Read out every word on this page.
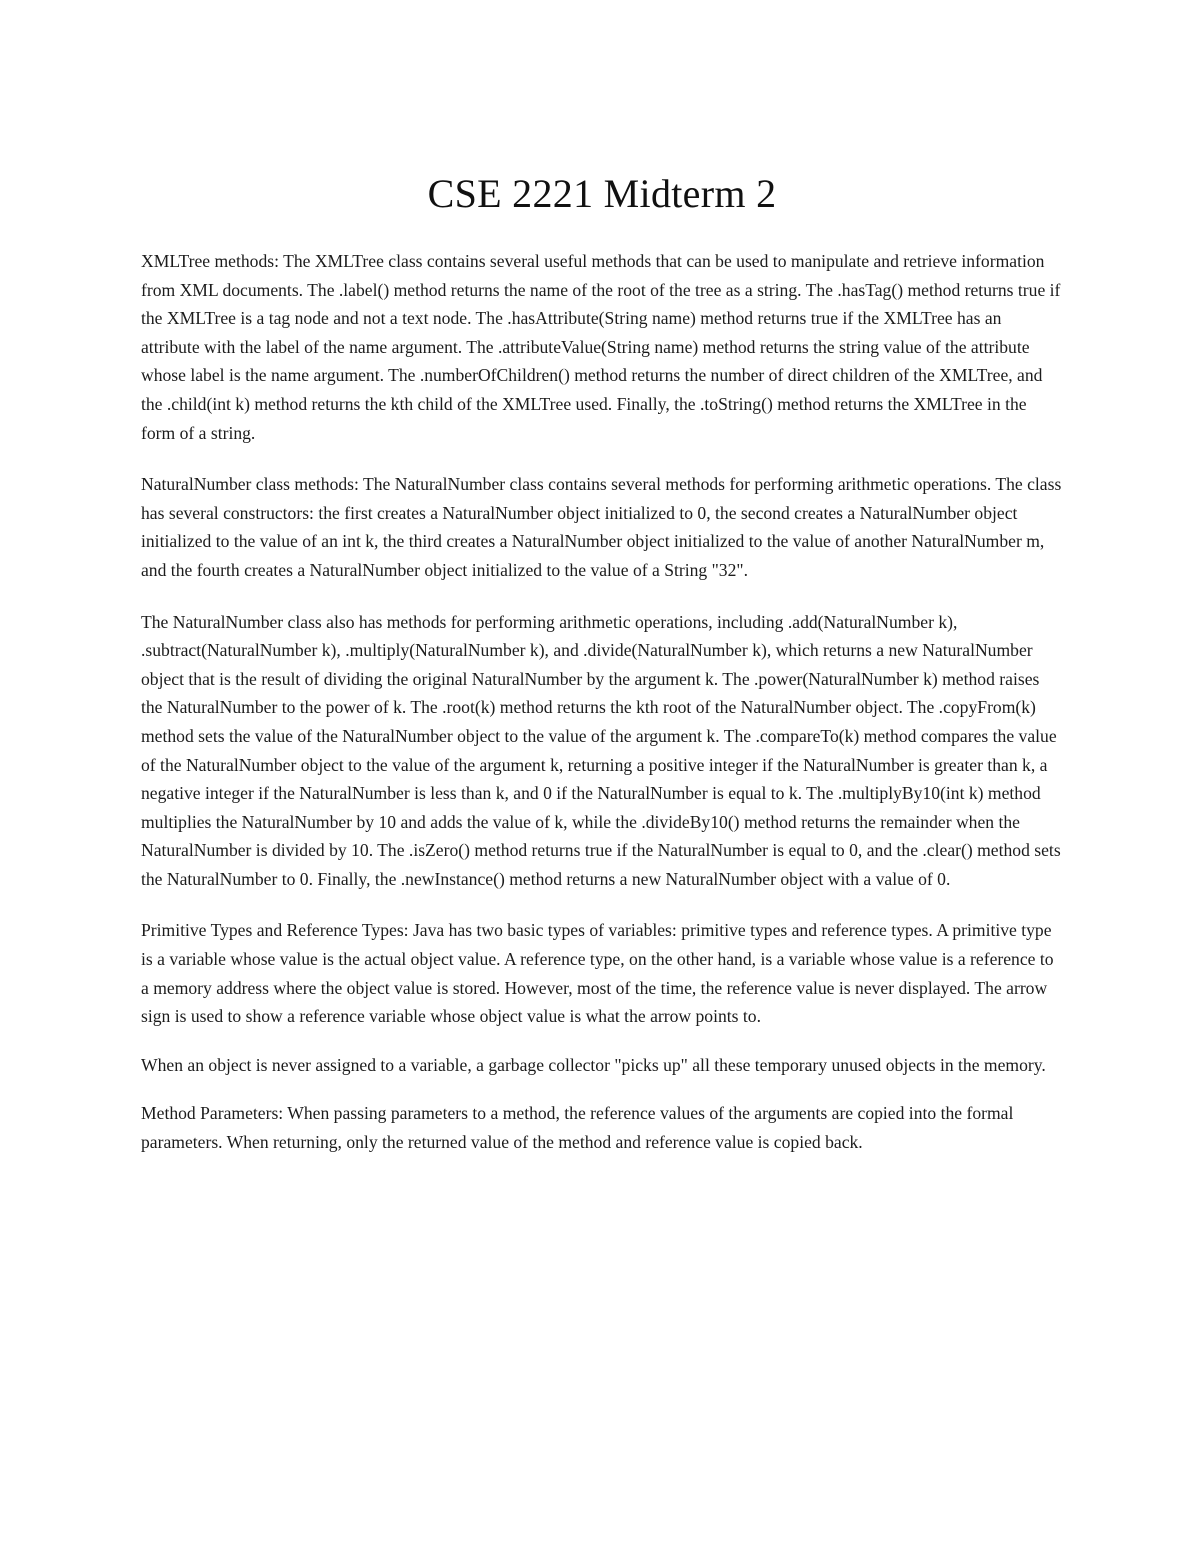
CSE 2221 Midterm 2

XMLTree methods: The XMLTree class contains several useful methods that can be used to manipulate and retrieve information from XML documents. The .label() method returns the name of the root of the tree as a string. The .hasTag() method returns true if the XMLTree is a tag node and not a text node. The .hasAttribute(String name) method returns true if the XMLTree has an attribute with the label of the name argument. The .attributeValue(String name) method returns the string value of the attribute whose label is the name argument. The .numberOfChildren() method returns the number of direct children of the XMLTree, and the .child(int k) method returns the kth child of the XMLTree used. Finally, the .toString() method returns the XMLTree in the form of a string.

NaturalNumber class methods: The NaturalNumber class contains several methods for performing arithmetic operations. The class has several constructors: the first creates a NaturalNumber object initialized to 0, the second creates a NaturalNumber object initialized to the value of an int k, the third creates a NaturalNumber object initialized to the value of another NaturalNumber m, and the fourth creates a NaturalNumber object initialized to the value of a String "32".

The NaturalNumber class also has methods for performing arithmetic operations, including .add(NaturalNumber k), .subtract(NaturalNumber k), .multiply(NaturalNumber k), and .divide(NaturalNumber k), which returns a new NaturalNumber object that is the result of dividing the original NaturalNumber by the argument k. The .power(NaturalNumber k) method raises the NaturalNumber to the power of k. The .root(k) method returns the kth root of the NaturalNumber object. The .copyFrom(k) method sets the value of the NaturalNumber object to the value of the argument k. The .compareTo(k) method compares the value of the NaturalNumber object to the value of the argument k, returning a positive integer if the NaturalNumber is greater than k, a negative integer if the NaturalNumber is less than k, and 0 if the NaturalNumber is equal to k. The .multiplyBy10(int k) method multiplies the NaturalNumber by 10 and adds the value of k, while the .divideBy10() method returns the remainder when the NaturalNumber is divided by 10. The .isZero() method returns true if the NaturalNumber is equal to 0, and the .clear() method sets the NaturalNumber to 0. Finally, the .newInstance() method returns a new NaturalNumber object with a value of 0.

Primitive Types and Reference Types: Java has two basic types of variables: primitive types and reference types. A primitive type is a variable whose value is the actual object value. A reference type, on the other hand, is a variable whose value is a reference to a memory address where the object value is stored. However, most of the time, the reference value is never displayed. The arrow sign is used to show a reference variable whose object value is what the arrow points to.

When an object is never assigned to a variable, a garbage collector "picks up" all these temporary unused objects in the memory.

Method Parameters: When passing parameters to a method, the reference values of the arguments are copied into the formal parameters. When returning, only the returned value of the method and reference value is copied back.
